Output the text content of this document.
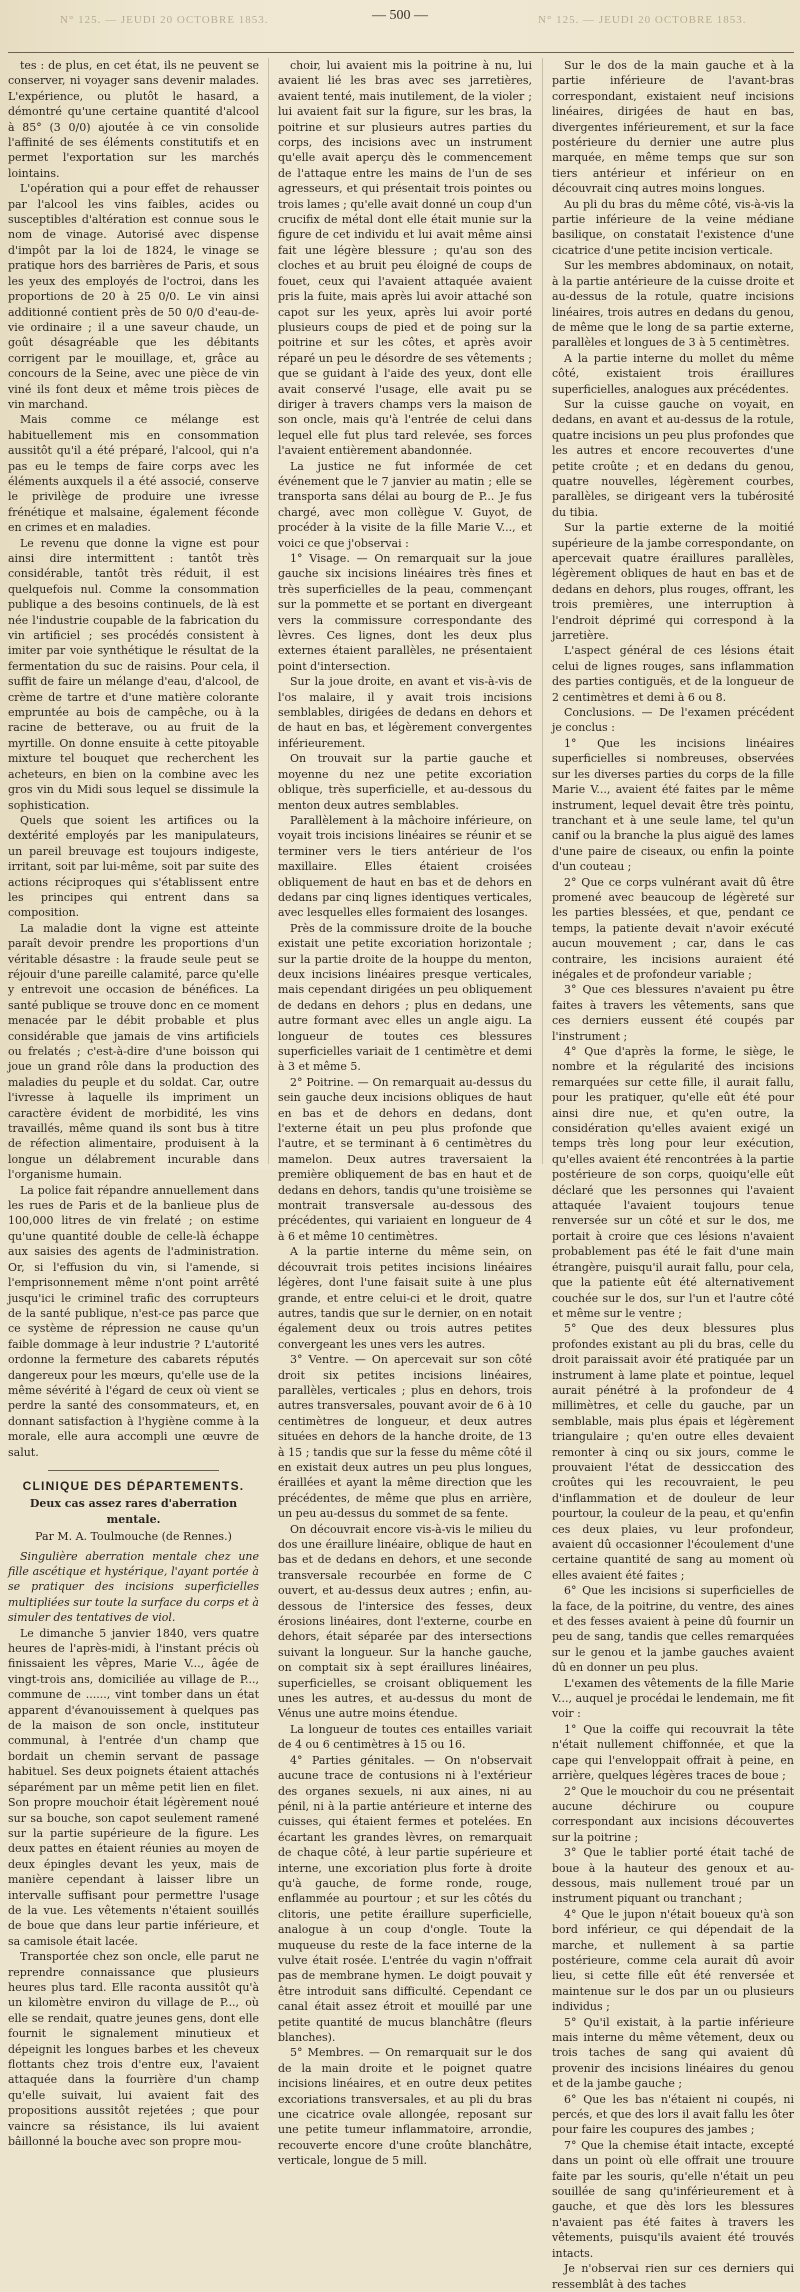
N° 125. — JEUDI 20 OCTOBRE 1853.	— 500 —	N° 125. — JEUDI 20 OCTOBRE 1853.

tes : de plus, en cet état, ils ne peuvent se conserver, ni voyager sans devenir malades. L'expérience, ou plutôt le hasard, a démontré qu'une certaine quantité d'alcool à 85° (3 0/0) ajoutée à ce vin consolide l'affinité de ses éléments constitutifs et en permet l'exportation sur les marchés lointains.

L'opération qui a pour effet de rehausser par l'alcool les vins faibles, acides ou susceptibles d'altération est connue sous le nom de vinage. Autorisé avec dispense d'impôt par la loi de 1824, le vinage se pratique hors des barrières de Paris, et sous les yeux des employés de l'octroi, dans les proportions de 20 à 25 0/0. Le vin ainsi additionné contient près de 50 0/0 d'eau-de-vie ordinaire ; il a une saveur chaude, un goût désagréable que les débitants corrigent par le mouillage, et, grâce au concours de la Seine, avec une pièce de vin viné ils font deux et même trois pièces de vin marchand.

Mais comme ce mélange est habituellement mis en consommation aussitôt qu'il a été préparé, l'alcool, qui n'a pas eu le temps de faire corps avec les éléments auxquels il a été associé, conserve le privilège de produire une ivresse frénétique et malsaine, également féconde en crimes et en maladies.

Le revenu que donne la vigne est pour ainsi dire intermittent : tantôt très considérable, tantôt très réduit, il est quelquefois nul. Comme la consommation publique a des besoins continuels, de là est née l'industrie coupable de la fabrication du vin artificiel ; ses procédés consistent à imiter par voie synthétique le résultat de la fermentation du suc de raisins. Pour cela, il suffit de faire un mélange d'eau, d'alcool, de crème de tartre et d'une matière colorante empruntée au bois de campêche, ou à la racine de betterave, ou au fruit de la myrtille. On donne ensuite à cette pitoyable mixture tel bouquet que recherchent les acheteurs, en bien on la combine avec les gros vin du Midi sous lequel se dissimule la sophistication.

Quels que soient les artifices ou la dextérité employés par les manipulateurs, un pareil breuvage est toujours indigeste, irritant, soit par lui-même, soit par suite des actions réciproques qui s'établissent entre les principes qui entrent dans sa composition.

La maladie dont la vigne est atteinte paraît devoir prendre les proportions d'un véritable désastre : la fraude seule peut se réjouir d'une pareille calamité, parce qu'elle y entrevoit une occasion de bénéfices. La santé publique se trouve donc en ce moment menacée par le débit probable et plus considérable que jamais de vins artificiels ou frelatés ; c'est-à-dire d'une boisson qui joue un grand rôle dans la production des maladies du peuple et du soldat. Car, outre l'ivresse à laquelle ils impriment un caractère évident de morbidité, les vins travaillés, même quand ils sont bus à titre de réfection alimentaire, produisent à la longue un délabrement incurable dans l'organisme humain.

La police fait répandre annuellement dans les rues de Paris et de la banlieue plus de 100,000 litres de vin frelaté ; on estime qu'une quantité double de celle-là échappe aux saisies des agents de l'administration. Or, si l'effusion du vin, si l'amende, si l'emprisonnement même n'ont point arrêté jusqu'ici le criminel trafic des corrupteurs de la santé publique, n'est-ce pas parce que ce système de répression ne cause qu'un faible dommage à leur industrie ? L'autorité ordonne la fermeture des cabarets réputés dangereux pour les mœurs, qu'elle use de la même sévérité à l'égard de ceux où vient se perdre la santé des consommateurs, et, en donnant satisfaction à l'hygiène comme à la morale, elle aura accompli une œuvre de salut.

CLINIQUE DES DÉPARTEMENTS.
Deux cas assez rares d'aberration mentale.
Par M. A. Toulmouche (de Rennes.)

Singulière aberration mentale chez une fille ascétique et hystérique, l'ayant portée à se pratiquer des incisions superficielles multipliées sur toute la surface du corps et à simuler des tentatives de viol.

Le dimanche 5 janvier 1840, vers quatre heures de l'après-midi, à l'instant précis où finissaient les vêpres, Marie V..., âgée de vingt-trois ans, domiciliée au village de P..., commune de ......, vint tomber dans un état apparent d'évanouissement à quelques pas de la maison de son oncle, instituteur communal, à l'entrée d'un champ que bordait un chemin servant de passage habituel. Ses deux poignets étaient attachés séparément par un même petit lien en filet. Son propre mouchoir était légèrement noué sur sa bouche, son capot seulement ramené sur la partie supérieure de la figure. Les deux pattes en étaient réunies au moyen de deux épingles devant les yeux, mais de manière cependant à laisser libre un intervalle suffisant pour permettre l'usage de la vue. Les vêtements n'étaient souillés de boue que dans leur partie inférieure, et sa camisole était lacée.

Transportée chez son oncle, elle parut ne reprendre connaissance que plusieurs heures plus tard. Elle raconta aussitôt qu'à un kilomètre environ du village de P..., où elle se rendait, quatre jeunes gens, dont elle fournit le signalement minutieux et dépeignit les longues barbes et les cheveux flottants chez trois d'entre eux, l'avaient attaquée dans la fourrière d'un champ qu'elle suivait, lui avaient fait des propositions aussitôt rejetées ; que pour vaincre sa résistance, ils lui avaient bâillonné la bouche avec son propre mou-

choir, lui avaient mis la poitrine à nu, lui avaient lié les bras avec ses jarretières, avaient tenté, mais inutilement, de la violer ; lui avaient fait sur la figure, sur les bras, la poitrine et sur plusieurs autres parties du corps, des incisions avec un instrument qu'elle avait aperçu dès le commencement de l'attaque entre les mains de l'un de ses agresseurs, et qui présentait trois pointes ou trois lames ; qu'elle avait donné un coup d'un crucifix de métal dont elle était munie sur la figure de cet individu et lui avait même ainsi fait une légère blessure ; qu'au son des cloches et au bruit peu éloigné de coups de fouet, ceux qui l'avaient attaquée avaient pris la fuite, mais après lui avoir attaché son capot sur les yeux, après lui avoir porté plusieurs coups de pied et de poing sur la poitrine et sur les côtes, et après avoir réparé un peu le désordre de ses vêtements ; que se guidant à l'aide des yeux, dont elle avait conservé l'usage, elle avait pu se diriger à travers champs vers la maison de son oncle, mais qu'à l'entrée de celui dans lequel elle fut plus tard relevée, ses forces l'avaient entièrement abandonnée.

La justice ne fut informée de cet événement que le 7 janvier au matin ; elle se transporta sans délai au bourg de P... Je fus chargé, avec mon collègue V. Guyot, de procéder à la visite de la fille Marie V..., et voici ce que j'observai :

1° Visage. — On remarquait sur la joue gauche six incisions linéaires très fines et très superficielles de la peau, commençant sur la pommette et se portant en divergeant vers la commissure correspondante des lèvres. Ces lignes, dont les deux plus externes étaient parallèles, ne présentaient point d'intersection.

Sur la joue droite, en avant et vis-à-vis de l'os malaire, il y avait trois incisions semblables, dirigées de dedans en dehors et de haut en bas, et légèrement convergentes inférieurement.

On trouvait sur la partie gauche et moyenne du nez une petite excoriation oblique, très superficielle, et au-dessous du menton deux autres semblables.

Parallèlement à la mâchoire inférieure, on voyait trois incisions linéaires se réunir et se terminer vers le tiers antérieur de l'os maxillaire. Elles étaient croisées obliquement de haut en bas et de dehors en dedans par cinq lignes identiques verticales, avec lesquelles elles formaient des losanges.

Près de la commissure droite de la bouche existait une petite excoriation horizontale ; sur la partie droite de la houppe du menton, deux incisions linéaires presque verticales, mais cependant dirigées un peu obliquement de dedans en dehors ; plus en dedans, une autre formant avec elles un angle aigu. La longueur de toutes ces blessures superficielles variait de 1 centimètre et demi à 3 et même 5.

2° Poitrine. — On remarquait au-dessus du sein gauche deux incisions obliques de haut en bas et de dehors en dedans, dont l'externe était un peu plus profonde que l'autre, et se terminant à 6 centimètres du mamelon. Deux autres traversaient la première obliquement de bas en haut et de dedans en dehors, tandis qu'une troisième se montrait transversale au-dessous des précédentes, qui variaient en longueur de 4 à 6 et même 10 centimètres.

A la partie interne du même sein, on découvrait trois petites incisions linéaires légères, dont l'une faisait suite à une plus grande, et entre celui-ci et le droit, quatre autres, tandis que sur le dernier, on en notait également deux ou trois autres petites convergeant les unes vers les autres.

3° Ventre. — On apercevait sur son côté droit six petites incisions linéaires, parallèles, verticales ; plus en dehors, trois autres transversales, pouvant avoir de 6 à 10 centimètres de longueur, et deux autres situées en dehors de la hanche droite, de 13 à 15 ; tandis que sur la fesse du même côté il en existait deux autres un peu plus longues, éraillées et ayant la même direction que les précédentes, de même que plus en arrière, un peu au-dessus du sommet de sa fente.

On découvrait encore vis-à-vis le milieu du dos une éraillure linéaire, oblique de haut en bas et de dedans en dehors, et une seconde transversale recourbée en forme de C ouvert, et au-dessus deux autres ; enfin, au-dessous de l'intersice des fesses, deux érosions linéaires, dont l'externe, courbe en dehors, était séparée par des intersections suivant la longueur. Sur la hanche gauche, on comptait six à sept éraillures linéaires, superficielles, se croisant obliquement les unes les autres, et au-dessus du mont de Vénus une autre moins étendue.

La longueur de toutes ces entailles variait de 4 ou 6 centimètres à 15 ou 16.

4° Parties génitales. — On n'observait aucune trace de contusions ni à l'extérieur des organes sexuels, ni aux aines, ni au pénil, ni à la partie antérieure et interne des cuisses, qui étaient fermes et potelées. En écartant les grandes lèvres, on remarquait de chaque côté, à leur partie supérieure et interne, une excoriation plus forte à droite qu'à gauche, de forme ronde, rouge, enflammée au pourtour ; et sur les côtés du clitoris, une petite éraillure superficielle, analogue à un coup d'ongle. Toute la muqueuse du reste de la face interne de la vulve était rosée. L'entrée du vagin n'offrait pas de membrane hymen. Le doigt pouvait y être introduit sans difficulté. Cependant ce canal était assez étroit et mouillé par une petite quantité de mucus blanchâtre (fleurs blanches).

5° Membres. — On remarquait sur le dos de la main droite et le poignet quatre incisions linéaires, et en outre deux petites excoriations transversales, et au pli du bras une cicatrice ovale allongée, reposant sur une petite tumeur inflammatoire, arrondie, recouverte encore d'une croûte blanchâtre, verticale, longue de 5 mill.

Sur le dos de la main gauche et à la partie inférieure de l'avant-bras correspondant, existaient neuf incisions linéaires, dirigées de haut en bas, divergentes inférieurement, et sur la face postérieure du dernier une autre plus marquée, en même temps que sur son tiers antérieur et inférieur on en découvrait cinq autres moins longues.

Au pli du bras du même côté, vis-à-vis la partie inférieure de la veine médiane basilique, on constatait l'existence d'une cicatrice d'une petite incision verticale.

Sur les membres abdominaux, on notait, à la partie antérieure de la cuisse droite et au-dessus de la rotule, quatre incisions linéaires, trois autres en dedans du genou, de même que le long de sa partie externe, parallèles et longues de 3 à 5 centimètres.

A la partie interne du mollet du même côté, existaient trois éraillures superficielles, analogues aux précédentes.

Sur la cuisse gauche on voyait, en dedans, en avant et au-dessus de la rotule, quatre incisions un peu plus profondes que les autres et encore recouvertes d'une petite croûte ; et en dedans du genou, quatre nouvelles, légèrement courbes, parallèles, se dirigeant vers la tubérosité du tibia.

Sur la partie externe de la moitié supérieure de la jambe correspondante, on apercevait quatre éraillures parallèles, légèrement obliques de haut en bas et de dedans en dehors, plus rouges, offrant, les trois premières, une interruption à l'endroit déprimé qui correspond à la jarretière.

L'aspect général de ces lésions était celui de lignes rouges, sans inflammation des parties contiguës, et de la longueur de 2 centimètres et demi à 6 ou 8.

Conclusions. — De l'examen précédent je conclus :

1° Que les incisions linéaires superficielles si nombreuses, observées sur les diverses parties du corps de la fille Marie V..., avaient été faites par le même instrument, lequel devait être très pointu, tranchant et à une seule lame, tel qu'un canif ou la branche la plus aiguë des lames d'une paire de ciseaux, ou enfin la pointe d'un couteau ;

2° Que ce corps vulnérant avait dû être promené avec beaucoup de légèreté sur les parties blessées, et que, pendant ce temps, la patiente devait n'avoir exécuté aucun mouvement ; car, dans le cas contraire, les incisions auraient été inégales et de profondeur variable ;

3° Que ces blessures n'avaient pu être faites à travers les vêtements, sans que ces derniers eussent été coupés par l'instrument ;

4° Que d'après la forme, le siège, le nombre et la régularité des incisions remarquées sur cette fille, il aurait fallu, pour les pratiquer, qu'elle eût été pour ainsi dire nue, et qu'en outre, la considération qu'elles avaient exigé un temps très long pour leur exécution, qu'elles avaient été rencontrées à la partie postérieure de son corps, quoiqu'elle eût déclaré que les personnes qui l'avaient attaquée l'avaient toujours tenue renversée sur un côté et sur le dos, me portait à croire que ces lésions n'avaient probablement pas été le fait d'une main étrangère, puisqu'il aurait fallu, pour cela, que la patiente eût été alternativement couchée sur le dos, sur l'un et l'autre côté et même sur le ventre ;

5° Que des deux blessures plus profondes existant au pli du bras, celle du droit paraissait avoir été pratiquée par un instrument à lame plate et pointue, lequel aurait pénétré à la profondeur de 4 millimètres, et celle du gauche, par un semblable, mais plus épais et légèrement triangulaire ; qu'en outre elles devaient remonter à cinq ou six jours, comme le prouvaient l'état de dessiccation des croûtes qui les recouvraient, le peu d'inflammation et de douleur de leur pourtour, la couleur de la peau, et qu'enfin ces deux plaies, vu leur profondeur, avaient dû occasionner l'écoulement d'une certaine quantité de sang au moment où elles avaient été faites ;

6° Que les incisions si superficielles de la face, de la poitrine, du ventre, des aines et des fesses avaient à peine dû fournir un peu de sang, tandis que celles remarquées sur le genou et la jambe gauches avaient dû en donner un peu plus.

L'examen des vêtements de la fille Marie V..., auquel je procédai le lendemain, me fit voir :

1° Que la coiffe qui recouvrait la tête n'était nullement chiffonnée, et que la cape qui l'enveloppait offrait à peine, en arrière, quelques légères traces de boue ;

2° Que le mouchoir du cou ne présentait aucune déchirure ou coupure correspondant aux incisions découvertes sur la poitrine ;

3° Que le tablier porté était taché de boue à la hauteur des genoux et au-dessous, mais nullement troué par un instrument piquant ou tranchant ;

4° Que le jupon n'était boueux qu'à son bord inférieur, ce qui dépendait de la marche, et nullement à sa partie postérieure, comme cela aurait dû avoir lieu, si cette fille eût été renversée et maintenue sur le dos par un ou plusieurs individus ;

5° Qu'il existait, à la partie inférieure mais interne du même vêtement, deux ou trois taches de sang qui avaient dû provenir des incisions linéaires du genou et de la jambe gauche ;

6° Que les bas n'étaient ni coupés, ni percés, et que des lors il avait fallu les ôter pour faire les coupures des jambes ;

7° Que la chemise était intacte, excepté dans un point où elle offrait une trouure faite par les souris, qu'elle n'était un peu souillée de sang qu'inférieurement et à gauche, et que dès lors les blessures n'avaient pas été faites à travers les vêtements, puisqu'ils avaient été trouvés intacts.

Je n'observai rien sur ces derniers qui ressemblât à des taches
